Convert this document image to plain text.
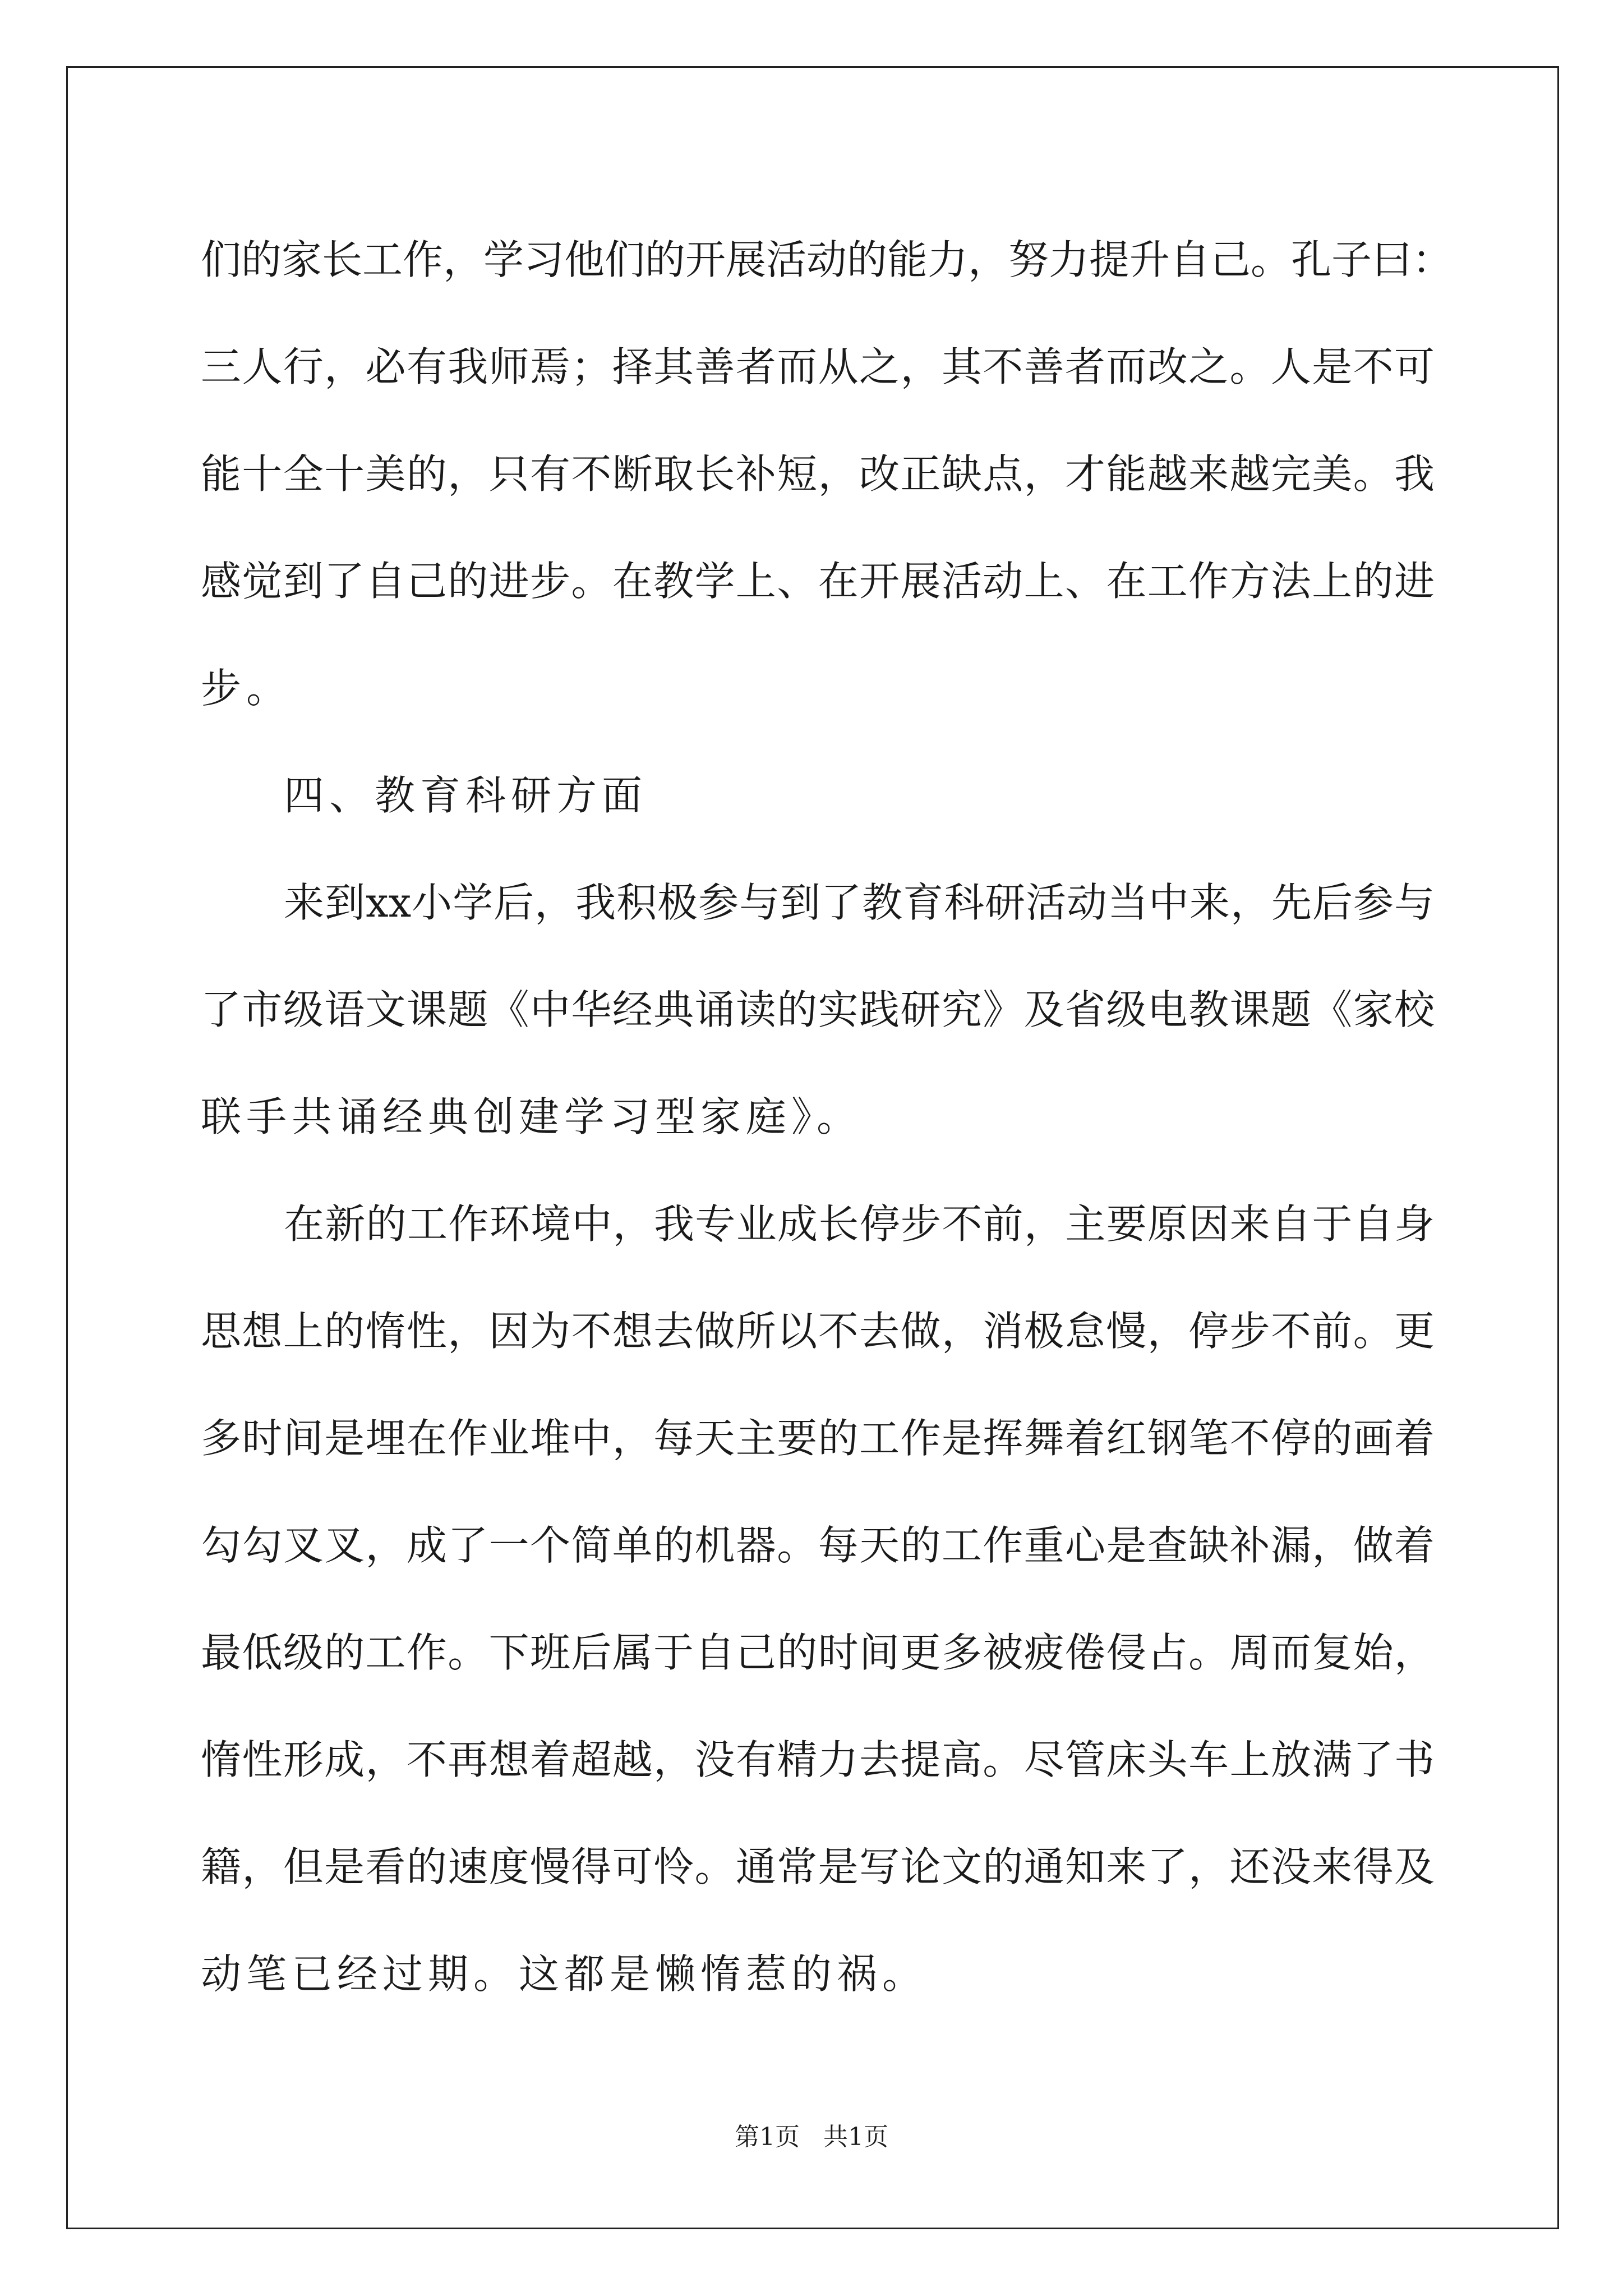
们的家长工作，学习他们的开展活动的能力，努力提升自己。孔子曰：
三人行，必有我师焉；择其善者而从之，其不善者而改之。人是不可
能十全十美的，只有不断取长补短，改正缺点，才能越来越完美。我
感觉到了自己的进步。在教学上、在开展活动上、在工作方法上的进
步。
四、教育科研方面
来到xx小学后，我积极参与到了教育科研活动当中来，先后参与
了市级语文课题《中华经典诵读的实践研究》及省级电教课题《家校
联手共诵经典创建学习型家庭》。
在新的工作环境中，我专业成长停步不前，主要原因来自于自身
思想上的惰性，因为不想去做所以不去做，消极怠慢，停步不前。更
多时间是埋在作业堆中，每天主要的工作是挥舞着红钢笔不停的画着
勾勾叉叉，成了一个简单的机器。每天的工作重心是查缺补漏，做着
最低级的工作。下班后属于自己的时间更多被疲倦侵占。周而复始，
惰性形成，不再想着超越，没有精力去提高。尽管床头车上放满了书
籍，但是看的速度慢得可怜。通常是写论文的通知来了，还没来得及
动笔已经过期。这都是懒惰惹的祸。
第1页   共1页
